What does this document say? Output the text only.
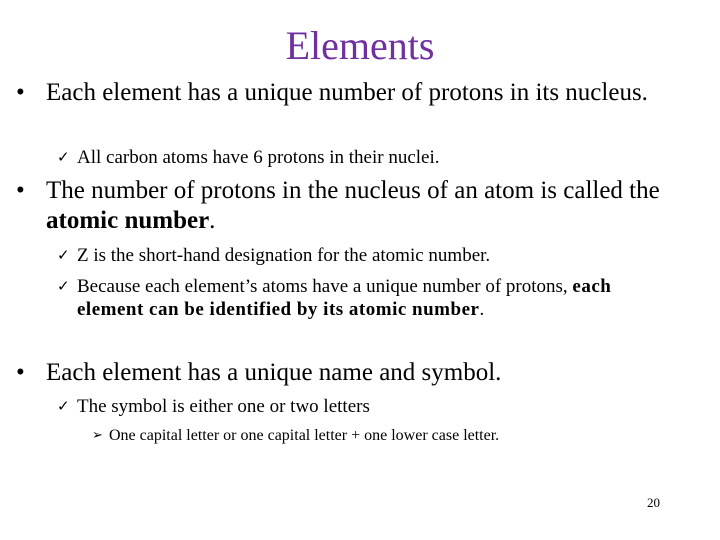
Elements
• Each element has a unique number of protons in its nucleus.
✓ All carbon atoms have 6 protons in their nuclei.
• The number of protons in the nucleus of an atom is called the atomic number.
✓ Z is the short-hand designation for the atomic number.
✓ Because each element’s atoms have a unique number of protons, each element can be identified by its atomic number.
• Each element has a unique name and symbol.
✓ The symbol is either one or two letters
➢ One capital letter or one capital letter + one lower case letter.
20
